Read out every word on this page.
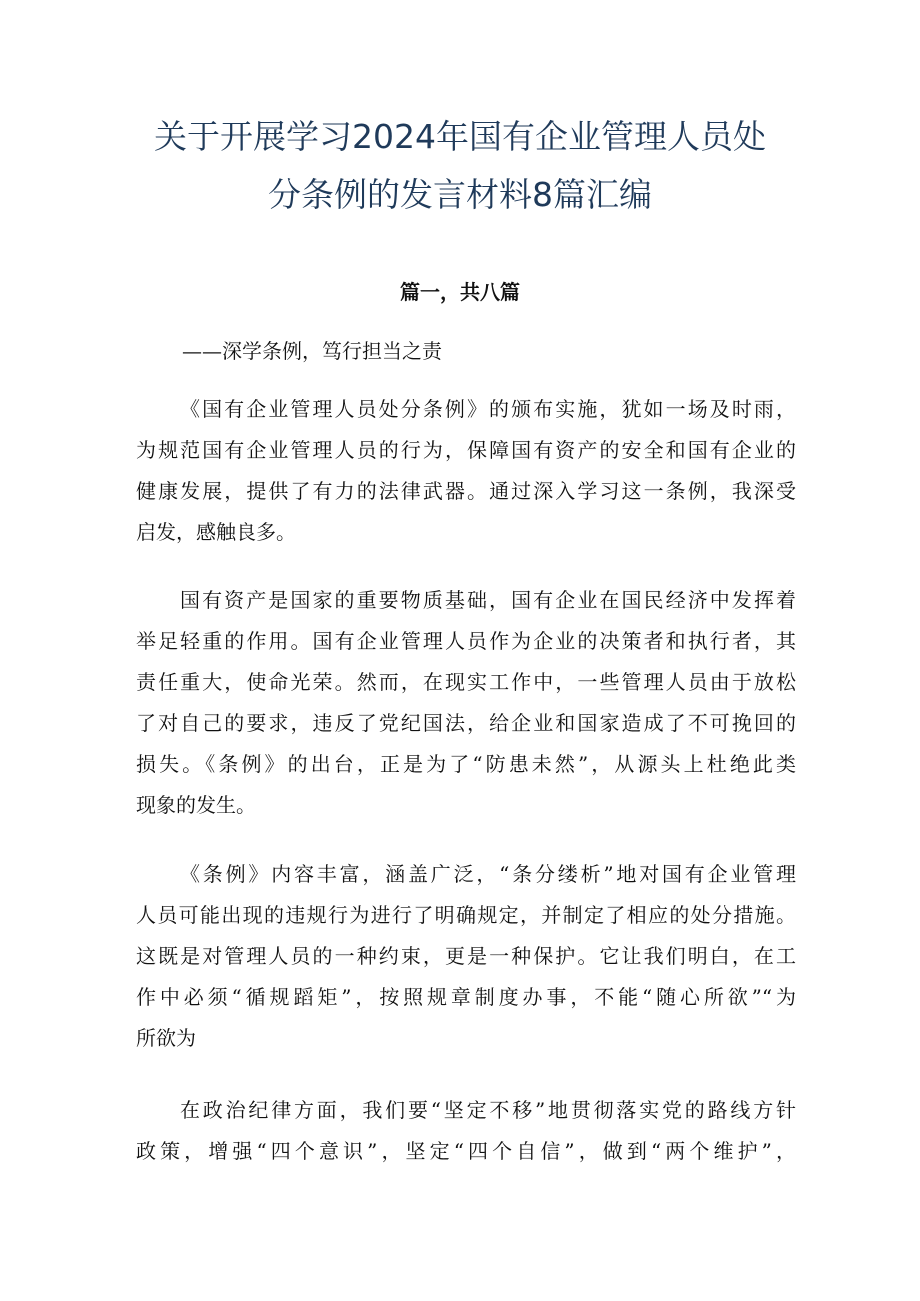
关于开展学习2024年国有企业管理人员处
分条例的发言材料8篇汇编
篇一，共八篇

——深学条例，笃行担当之责

《国有企业管理人员处分条例》的颁布实施，犹如一场及时雨，
为规范国有企业管理人员的行为，保障国有资产的安全和国有企业的
健康发展，提供了有力的法律武器。通过深入学习这一条例，我深受
启发，感触良多。

国有资产是国家的重要物质基础，国有企业在国民经济中发挥着
举足轻重的作用。国有企业管理人员作为企业的决策者和执行者，其
责任重大，使命光荣。然而，在现实工作中，一些管理人员由于放松
了对自己的要求，违反了党纪国法，给企业和国家造成了不可挽回的
损失。《条例》的出台，正是为了“防患未然”，从源头上杜绝此类
现象的发生。

《条例》内容丰富，涵盖广泛，“条分缕析”地对国有企业管理
人员可能出现的违规行为进行了明确规定，并制定了相应的处分措施。
这既是对管理人员的一种约束，更是一种保护。它让我们明白，在工
作中必须“循规蹈矩”，按照规章制度办事，不能“随心所欲”“为
所欲为

在政治纪律方面，我们要“坚定不移”地贯彻落实党的路线方针
政策，增强“四个意识”，坚定“四个自信”，做到“两个维护”，
